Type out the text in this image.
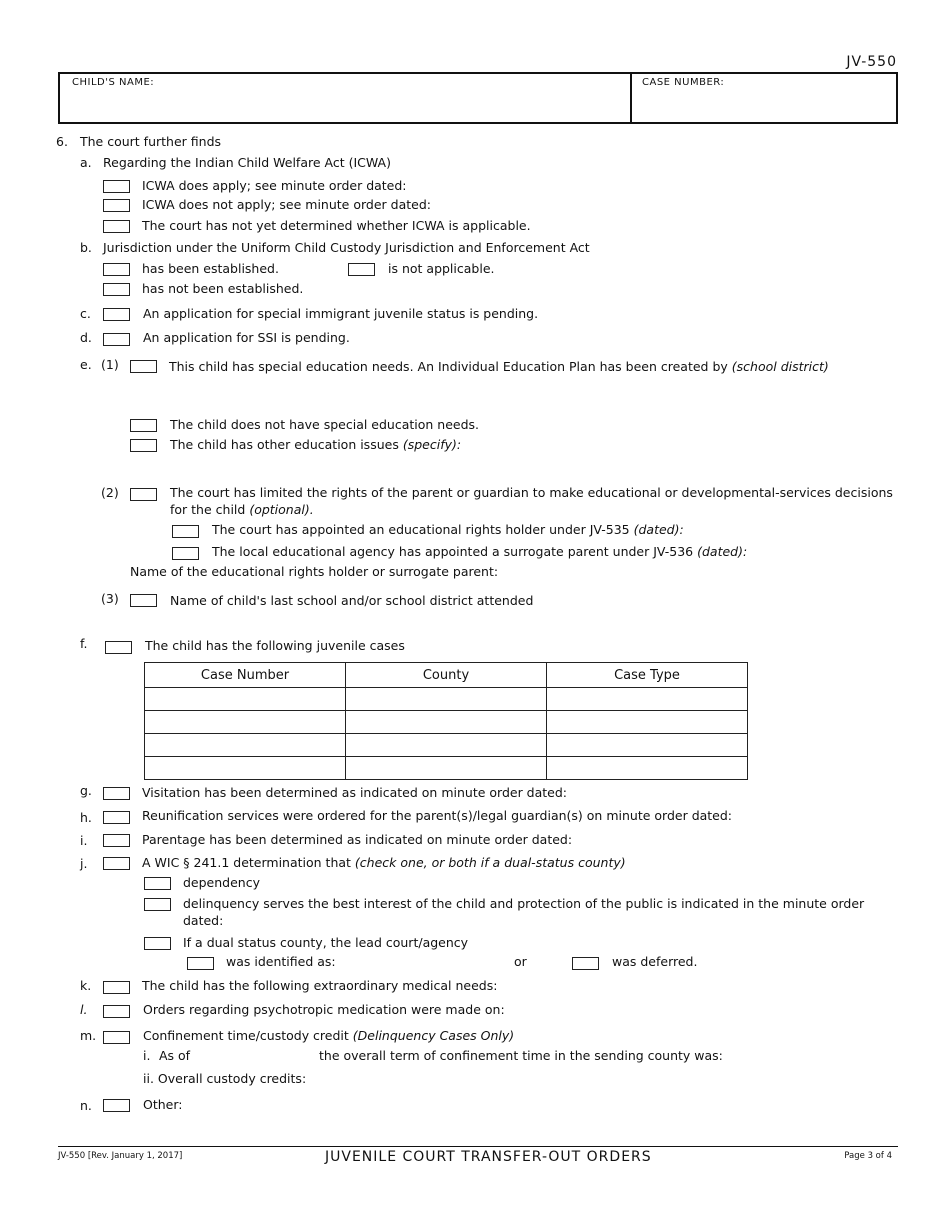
JV-550
CHILD'S NAME:	CASE NUMBER:
6. The court further finds
a. Regarding the Indian Child Welfare Act (ICWA)
ICWA does apply; see minute order dated:
ICWA does not apply; see minute order dated:
The court has not yet determined whether ICWA is applicable.
b. Jurisdiction under the Uniform Child Custody Jurisdiction and Enforcement Act
has been established.	is not applicable.
has not been established.
c.	An application for special immigrant juvenile status is pending.
d.	An application for SSI is pending.
e. (1)	This child has special education needs. An Individual Education Plan has been created by (school district)
The child does not have special education needs.
The child has other education issues (specify):
(2)	The court has limited the rights of the parent or guardian to make educational or developmental-services decisions
for the child (optional).
The court has appointed an educational rights holder under JV-535 (dated):
The local educational agency has appointed a surrogate parent under JV-536 (dated):
Name of the educational rights holder or surrogate parent:
(3)	Name of child's last school and/or school district attended
f.	The child has the following juvenile cases
Case Number	County	Case Type

g.	Visitation has been determined as indicated on minute order dated:
h.	Reunification services were ordered for the parent(s)/legal guardian(s) on minute order dated:
i.	Parentage has been determined as indicated on minute order dated:
j.	A WIC § 241.1 determination that (check one, or both if a dual-status county)
dependency
delinquency serves the best interest of the child and protection of the public is indicated in the minute order
dated:
If a dual status county, the lead court/agency
was identified as:	or	was deferred.
k.	The child has the following extraordinary medical needs:
l.	Orders regarding psychotropic medication were made on:
m.	Confinement time/custody credit (Delinquency Cases Only)
i. As of	the overall term of confinement time in the sending county was:
ii. Overall custody credits:
n.	Other:
JV-550 [Rev. January 1, 2017]	JUVENILE COURT TRANSFER-OUT ORDERS	Page 3 of 4
